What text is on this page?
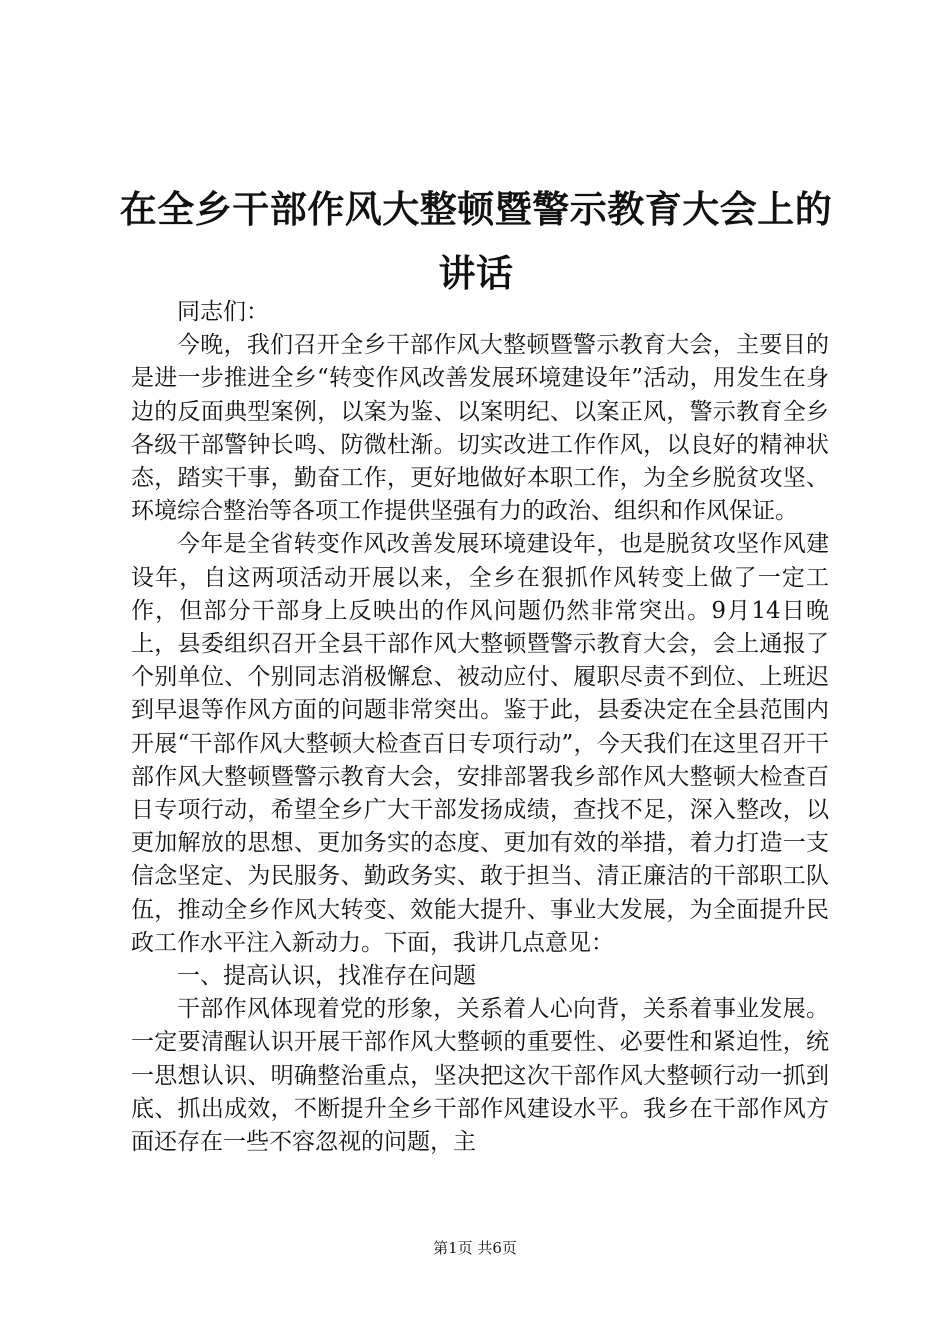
在全乡干部作风大整顿暨警示教育大会上的讲话

同志们：

今晚，我们召开全乡干部作风大整顿暨警示教育大会，主要目的是进一步推进全乡“转变作风改善发展环境建设年”活动，用发生在身边的反面典型案例，以案为鉴、以案明纪、以案正风，警示教育全乡各级干部警钟长鸣、防微杜渐。切实改进工作作风，以良好的精神状态，踏实干事，勤奋工作，更好地做好本职工作，为全乡脱贫攻坚、环境综合整治等各项工作提供坚强有力的政治、组织和作风保证。

今年是全省转变作风改善发展环境建设年，也是脱贫攻坚作风建设年，自这两项活动开展以来，全乡在狠抓作风转变上做了一定工作，但部分干部身上反映出的作风问题仍然非常突出。9月14日晚上，县委组织召开全县干部作风大整顿暨警示教育大会，会上通报了个别单位、个别同志消极懈怠、被动应付、履职尽责不到位、上班迟到早退等作风方面的问题非常突出。鉴于此，县委决定在全县范围内开展“干部作风大整顿大检查百日专项行动”，今天我们在这里召开干部作风大整顿暨警示教育大会，安排部署我乡部作风大整顿大检查百日专项行动，希望全乡广大干部发扬成绩，查找不足，深入整改，以更加解放的思想、更加务实的态度、更加有效的举措，着力打造一支信念坚定、为民服务、勤政务实、敢于担当、清正廉洁的干部职工队伍，推动全乡作风大转变、效能大提升、事业大发展，为全面提升民政工作水平注入新动力。下面，我讲几点意见：

一、提高认识，找准存在问题

干部作风体现着党的形象，关系着人心向背，关系着事业发展。一定要清醒认识开展干部作风大整顿的重要性、必要性和紧迫性，统一思想认识、明确整治重点，坚决把这次干部作风大整顿行动一抓到底、抓出成效，不断提升全乡干部作风建设水平。我乡在干部作风方面还存在一些不容忽视的问题，主

第1页 共6页
